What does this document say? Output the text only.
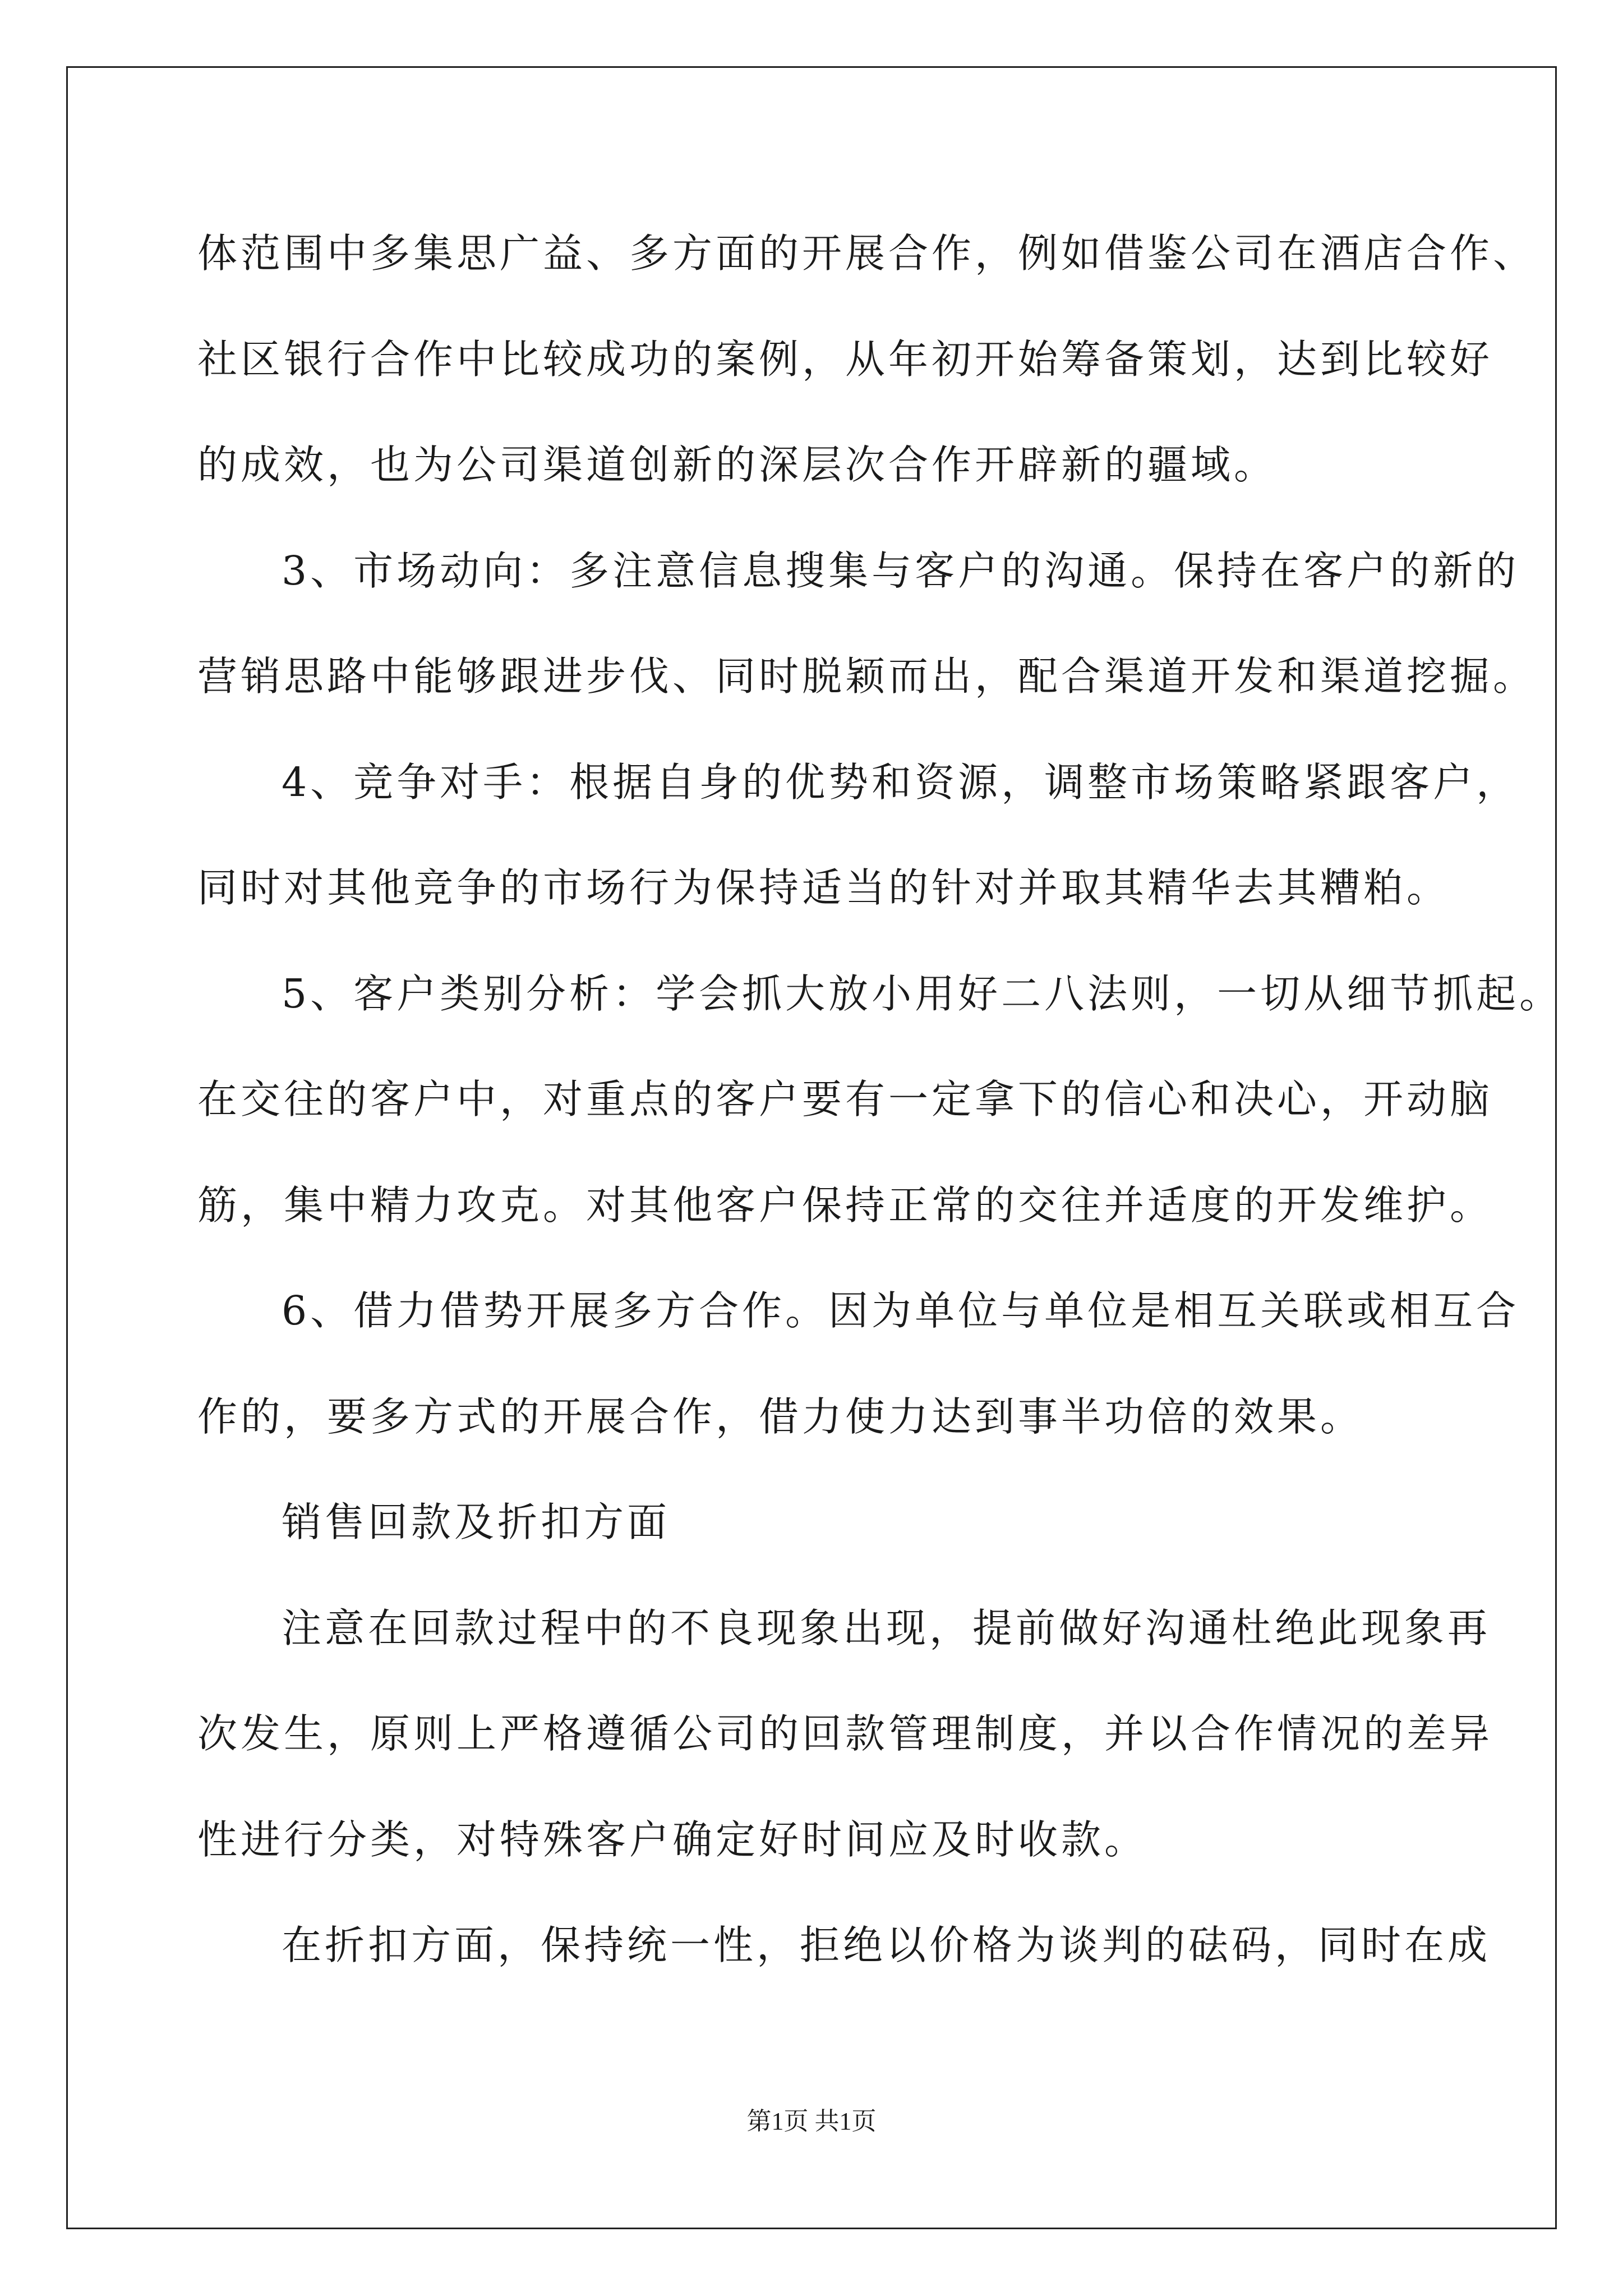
体范围中多集思广益、多方面的开展合作，例如借鉴公司在酒店合作、

社区银行合作中比较成功的案例，从年初开始筹备策划，达到比较好

的成效，也为公司渠道创新的深层次合作开辟新的疆域。

3、市场动向：多注意信息搜集与客户的沟通。保持在客户的新的

营销思路中能够跟进步伐、同时脱颖而出，配合渠道开发和渠道挖掘。

4、竞争对手：根据自身的优势和资源，调整市场策略紧跟客户，

同时对其他竞争的市场行为保持适当的针对并取其精华去其糟粕。

5、客户类别分析：学会抓大放小用好二八法则，一切从细节抓起。

在交往的客户中，对重点的客户要有一定拿下的信心和决心，开动脑

筋，集中精力攻克。对其他客户保持正常的交往并适度的开发维护。

6、借力借势开展多方合作。因为单位与单位是相互关联或相互合

作的，要多方式的开展合作，借力使力达到事半功倍的效果。

销售回款及折扣方面

注意在回款过程中的不良现象出现，提前做好沟通杜绝此现象再

次发生，原则上严格遵循公司的回款管理制度，并以合作情况的差异

性进行分类，对特殊客户确定好时间应及时收款。

在折扣方面，保持统一性，拒绝以价格为谈判的砝码，同时在成

第1页 共1页
